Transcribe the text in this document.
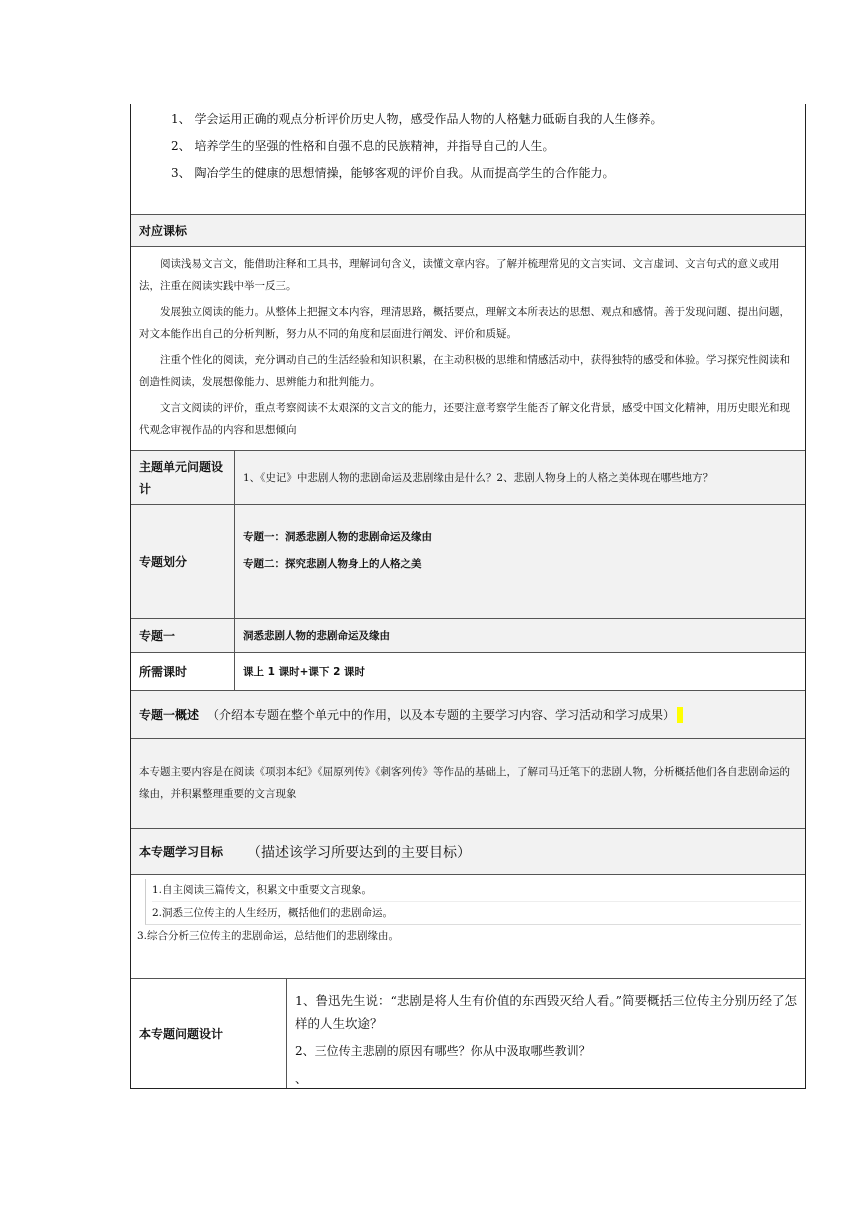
1、 学会运用正确的观点分析评价历史人物，感受作品人物的人格魅力砥砺自我的人生修养。

2、 培养学生的坚强的性格和自强不息的民族精神，并指导自己的人生。

3、 陶冶学生的健康的思想情操，能够客观的评价自我。从而提高学生的合作能力。

对应课标

阅读浅易文言文，能借助注释和工具书，理解词句含义，读懂文章内容。了解并梳理常见的文言实词、文言虚词、文言句式的意义或用法，注重在阅读实践中举一反三。

发展独立阅读的能力。从整体上把握文本内容，理清思路，概括要点，理解文本所表达的思想、观点和感情。善于发现问题、提出问题，对文本能作出自己的分析判断，努力从不同的角度和层面进行阐发、评价和质疑。

注重个性化的阅读，充分调动自己的生活经验和知识积累，在主动积极的思维和情感活动中，获得独特的感受和体验。学习探究性阅读和创造性阅读，发展想像能力、思辨能力和批判能力。

文言文阅读的评价，重点考察阅读不太艰深的文言文的能力，还要注意考察学生能否了解文化背景，感受中国文化精神，用历史眼光和现代观念审视作品的内容和思想倾向

主题单元问题设计
1、《史记》中悲剧人物的悲剧命运及悲剧缘由是什么？2、悲剧人物身上的人格之美体现在哪些地方？
专题划分
专题一：洞悉悲剧人物的悲剧命运及缘由
专题二：探究悲剧人物身上的人格之美
专题一	洞悉悲剧人物的悲剧命运及缘由
所需课时	课上 1 课时+课下 2 课时
专题一概述 （介绍本专题在整个单元中的作用，以及本专题的主要学习内容、学习活动和学习成果）
本专题主要内容是在阅读《项羽本纪》《屈原列传》《刺客列传》等作品的基础上，了解司马迁笔下的悲剧人物，分析概括他们各自悲剧命运的缘由，并积累整理重要的文言现象
本专题学习目标 （描述该学习所要达到的主要目标）
1.自主阅读三篇传文，积累文中重要文言现象。
2.洞悉三位传主的人生经历，概括他们的悲剧命运。
3.综合分析三位传主的悲剧命运，总结他们的悲剧缘由。
本专题问题设计
1、鲁迅先生说：“悲剧是将人生有价值的东西毁灭给人看。”简要概括三位传主分别历经了怎样的人生坎途？
2、三位传主悲剧的原因有哪些？你从中汲取哪些教训？
、
